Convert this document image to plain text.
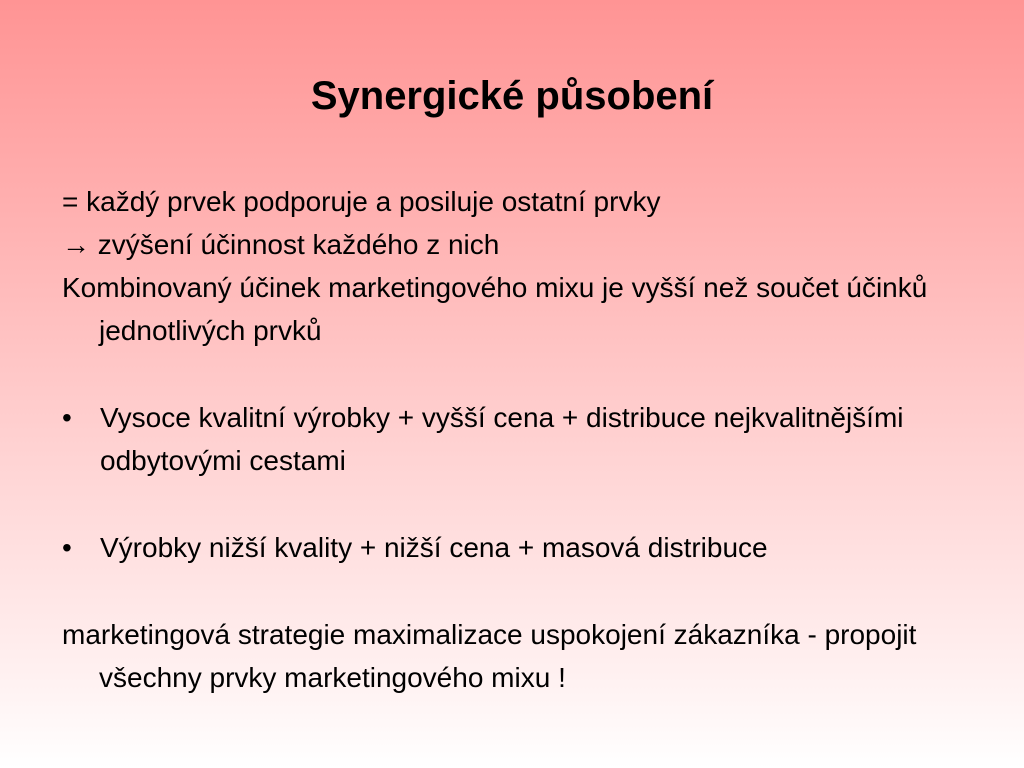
Synergické působení

= každý prvek podporuje a posiluje ostatní prvky

→ zvýšení účinnost každého z nich

Kombinovaný účinek marketingového mixu je vyšší než součet účinků jednotlivých prvků

•	Vysoce kvalitní výrobky + vyšší cena + distribuce nejkvalitnějšími odbytovými cestami
•	Výrobky nižší kvality + nižší cena + masová distribuce

marketingová strategie maximalizace uspokojení zákazníka - propojit všechny prvky marketingového mixu !
